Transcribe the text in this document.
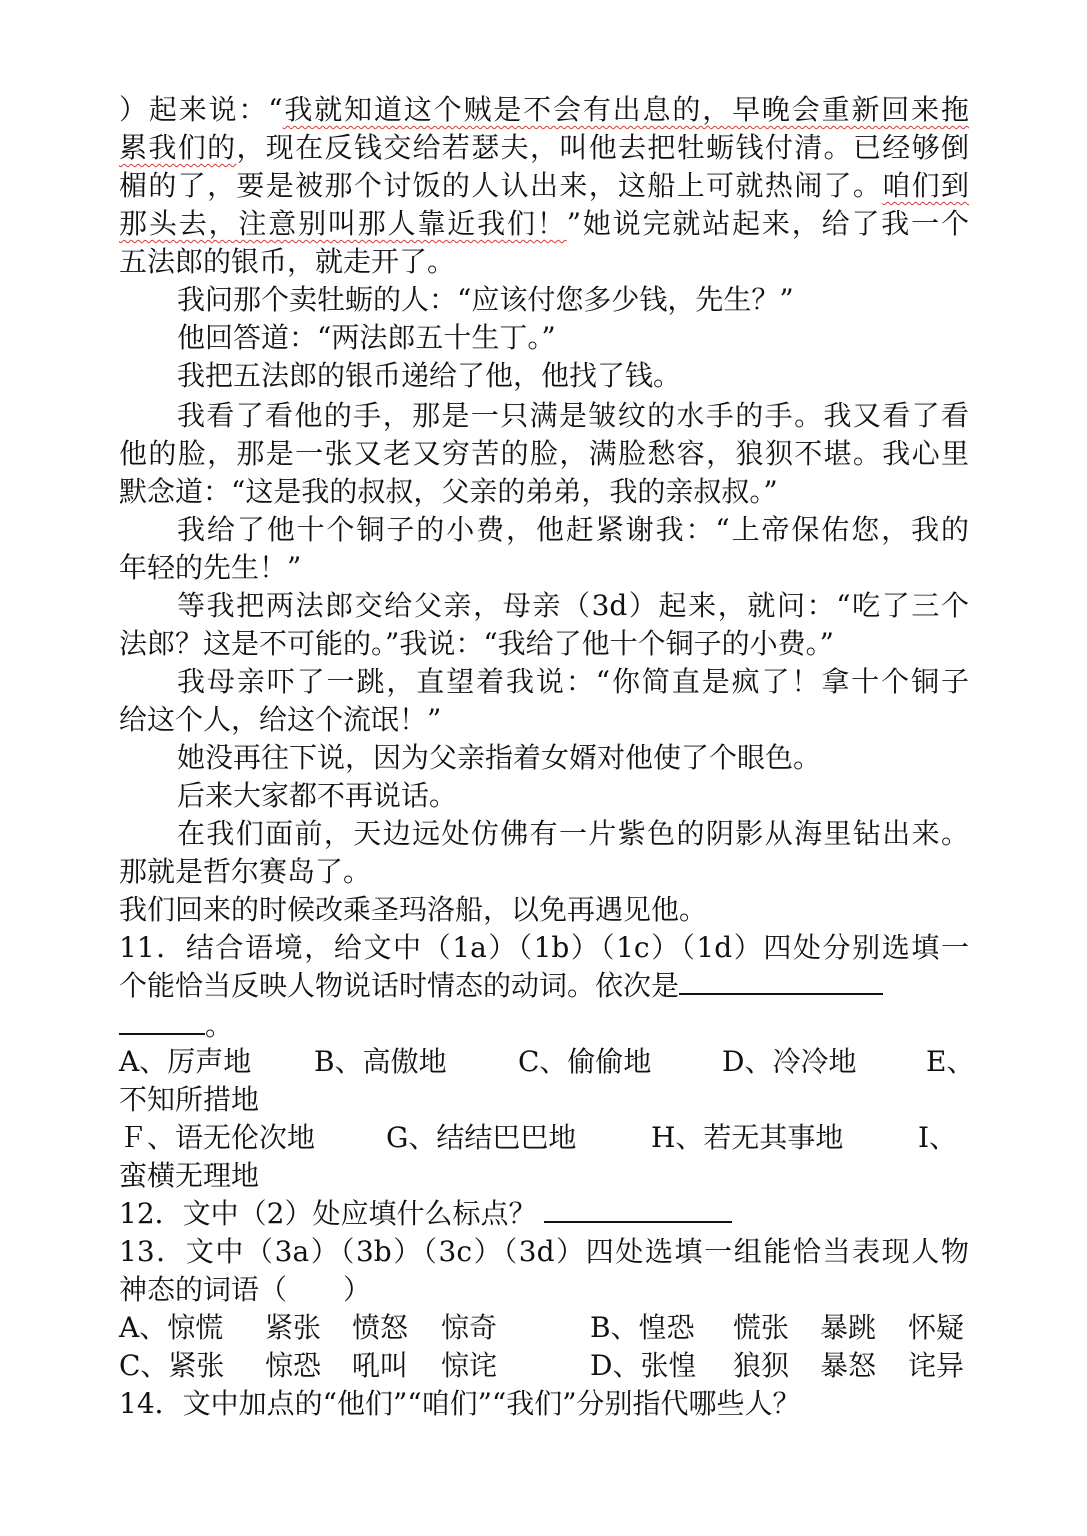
）起来说：“我就知道这个贼是不会有出息的，早晚会重新回来拖
累我们的，现在反钱交给若瑟夫，叫他去把牡蛎钱付清。已经够倒
楣的了，要是被那个讨饭的人认出来，这船上可就热闹了。咱们到
那头去，注意别叫那人靠近我们！”她说完就站起来，给了我一个
五法郎的银币，就走开了。
我问那个卖牡蛎的人：“应该付您多少钱，先生？”
他回答道：“两法郎五十生丁。”
我把五法郎的银币递给了他，他找了钱。
我看了看他的手，那是一只满是皱纹的水手的手。我又看了看
他的脸，那是一张又老又穷苦的脸，满脸愁容，狼狈不堪。我心里
默念道：“这是我的叔叔，父亲的弟弟，我的亲叔叔。”
我给了他十个铜子的小费，他赶紧谢我：“上帝保佑您，我的
年轻的先生！”
等我把两法郎交给父亲，母亲（3d）起来，就问：“吃了三个
法郎？这是不可能的。”我说：“我给了他十个铜子的小费。”
我母亲吓了一跳，直望着我说：“你简直是疯了！拿十个铜子
给这个人，给这个流氓！”
她没再往下说，因为父亲指着女婿对他使了个眼色。
后来大家都不再说话。
在我们面前，天边远处仿佛有一片紫色的阴影从海里钻出来。
那就是哲尔赛岛了。
我们回来的时候改乘圣玛洛船，以免再遇见他。
11．结合语境，给文中（1a）（1b）（1c）（1d）四处分别选填一
个能恰当反映人物说话时情态的动词。依次是
。
A、厉声地 B、高傲地	C、偷偷地	D、冷冷地 E、
不知所措地
Ｆ、语无伦次地	G、结结巴巴地	H、若无其事地	I、
蛮横无理地
12．文中（2）处应填什么标点？
13．文中（3a）（3b）（3c）（3d）四处选填一组能恰当表现人物
神态的词语（　　）
A、惊慌 紧张 愤怒 惊奇	B、惶恐 慌张 暴跳 怀疑
C、紧张 惊恐 吼叫 惊诧	D、张惶 狼狈 暴怒 诧异
14．文中加点的“他们”“咱们”“我们”分别指代哪些人？
